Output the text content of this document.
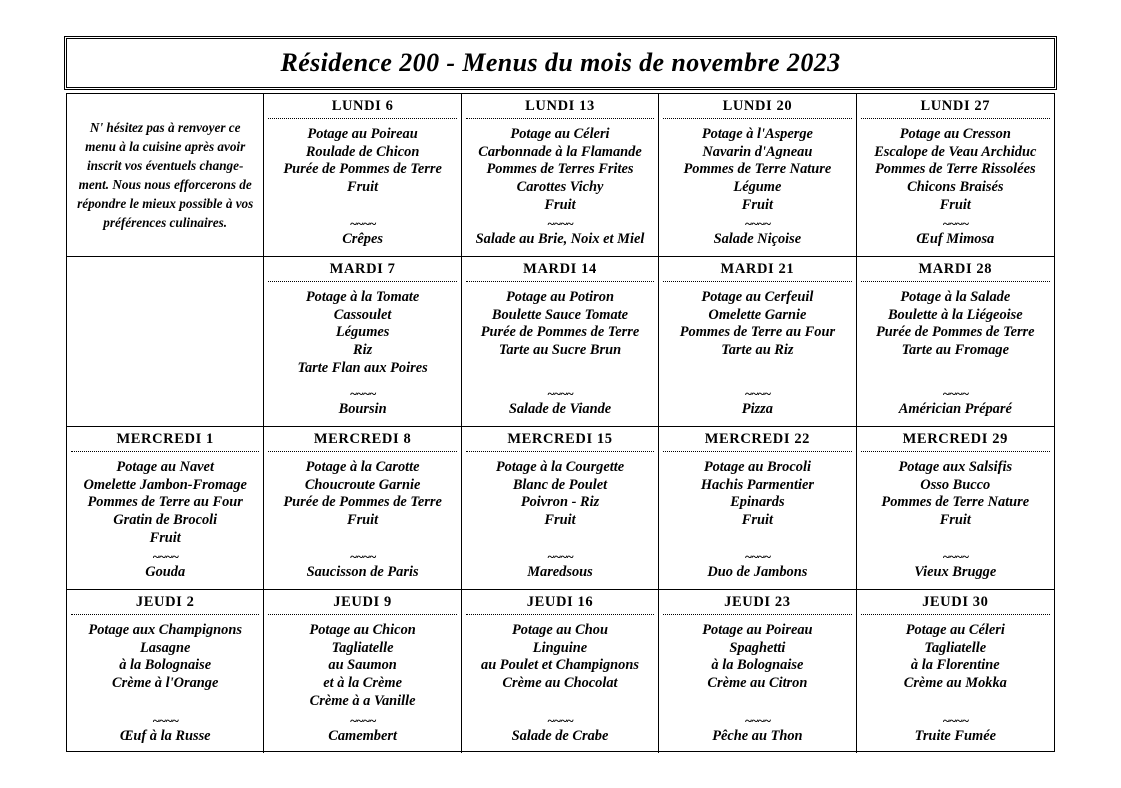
Résidence 200 - Menus du mois de novembre 2023
N' hésitez pas à renvoyer ce menu à la cuisine après avoir inscrit vos éventuels change-ment. Nous nous efforcerons de répondre le mieux possible à vos préférences culinaires.
LUNDI 6
Potage au Poireau
Roulade de Chicon
Purée de Pommes de Terre
Fruit
~~~~
Crêpes
LUNDI 13
Potage au Céleri
Carbonnade à la Flamande
Pommes de Terres Frites
Carottes Vichy
Fruit
~~~~
Salade au Brie, Noix et Miel
LUNDI 20
Potage à l'Asperge
Navarin d'Agneau
Pommes de Terre Nature
Légume
Fruit
~~~~
Salade Niçoise
LUNDI 27
Potage au Cresson
Escalope de Veau Archiduc
Pommes de Terre Rissolées
Chicons Braisés
Fruit
~~~~
Œuf Mimosa
MARDI 7
Potage à la Tomate
Cassoulet
Légumes
Riz
Tarte Flan aux Poires
~~~~
Boursin
MARDI 14
Potage au Potiron
Boulette Sauce Tomate
Purée de Pommes de Terre
Tarte au Sucre Brun
~~~~
Salade de Viande
MARDI 21
Potage au Cerfeuil
Omelette Garnie
Pommes de Terre au Four
Tarte au Riz
~~~~
Pizza
MARDI 28
Potage à la Salade
Boulette à la Liégeoise
Purée de Pommes de Terre
Tarte au Fromage
~~~~
Américian Préparé
MERCREDI 1
Potage au Navet
Omelette Jambon-Fromage
Pommes de Terre au Four
Gratin de Brocoli
Fruit
~~~~
Gouda
MERCREDI 8
Potage à la Carotte
Choucroute Garnie
Purée de Pommes de Terre
Fruit
~~~~
Saucisson de Paris
MERCREDI 15
Potage à la Courgette
Blanc de Poulet
Poivron - Riz
Fruit
~~~~
Maredsous
MERCREDI 22
Potage au Brocoli
Hachis Parmentier
Epinards
Fruit
~~~~
Duo de Jambons
MERCREDI 29
Potage aux Salsifis
Osso Bucco
Pommes de Terre Nature
Fruit
~~~~
Vieux Brugge
JEUDI 2
Potage aux Champignons
Lasagne
à la Bolognaise
Crème à l'Orange
~~~~
Œuf à la Russe
JEUDI 9
Potage au Chicon
Tagliatelle
au Saumon
et à la Crème
Crème à a Vanille
~~~~
Camembert
JEUDI 16
Potage au Chou
Linguine
au Poulet et Champignons
Crème au Chocolat
~~~~
Salade de Crabe
JEUDI 23
Potage au Poireau
Spaghetti
à la Bolognaise
Crème au Citron
~~~~
Pêche au Thon
JEUDI 30
Potage au Céleri
Tagliatelle
à la Florentine
Crème au Mokka
~~~~
Truite Fumée
